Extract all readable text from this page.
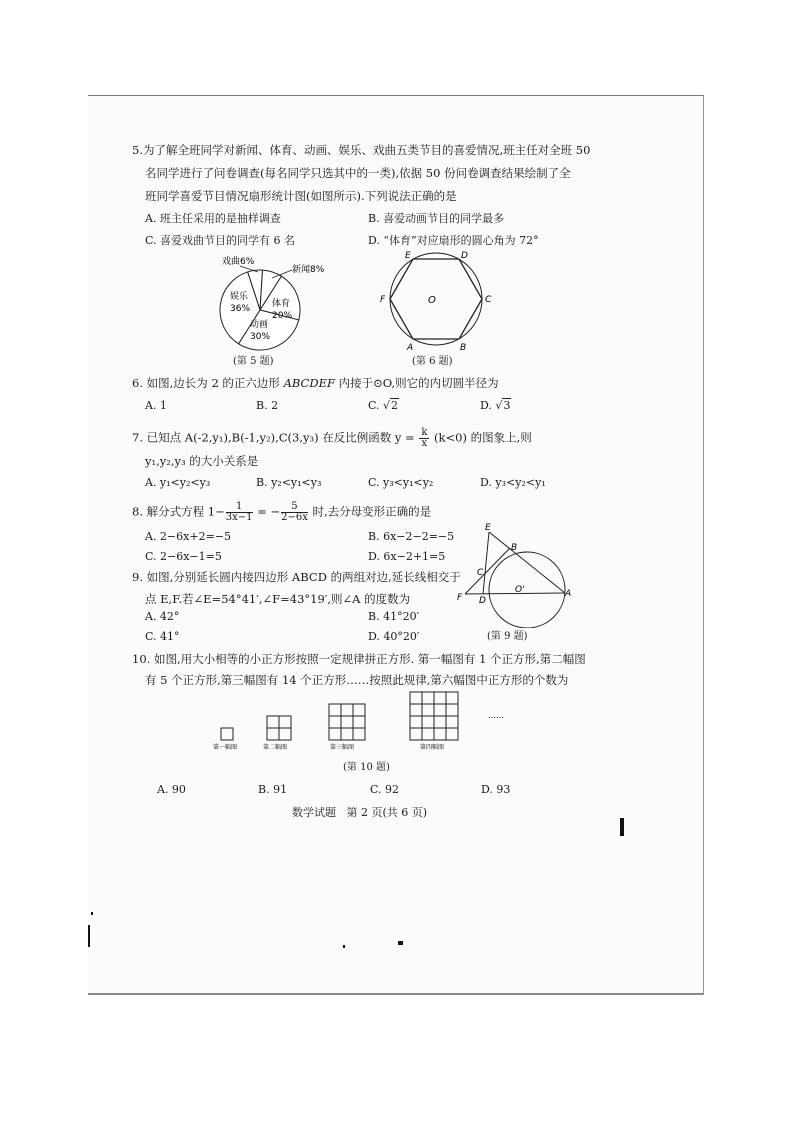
5.为了解全班同学对新闻、体育、动画、娱乐、戏曲五类节目的喜爱情况,班主任对全班 50
名同学进行了问卷调查(每名同学只选其中的一类),依据 50 份问卷调查结果绘制了全
班同学喜爱节目情况扇形统计图(如图所示).下列说法正确的是
A. 班主任采用的是抽样调查	B. 喜爱动画节目的同学最多
C. 喜爱戏曲节目的同学有 6 名	D. “体育”对应扇形的圆心角为 72°
戏曲6%
新闻8%
娱乐
36% 体育
20%
动画
30%
(第 5 题)
E	D
F	C
A	B
O
(第 6 题)
6. 如图,边长为 2 的正六边形 ABCDEF 内接于⊙O,则它的内切圆半径为
A. 1	B. 2	C. √2	D. √3
7. 已知点 A(-2,y₁),B(-1,y₂),C(3,y₃) 在反比例函数 $y = \frac{k}{x} (k<0)$ 的图象上,则
y₁,y₂,y₃ 的大小关系是
A. y₁<y₂<y₃	B. y₂<y₁<y₃	C. y₃<y₁<y₂	D. y₃<y₂<y₁
8. 解分式方程 $1- \frac{1}{3x-1}$ = − $\frac{5}{2-6x}$ 时,去分母变形正确的是
A. 2−6x+2=−5	B. 6x−2−2=−5
C. 2−6x−1=5	D. 6x−2+1=5
9. 如图,分别延长圆内接四边形 ABCD 的两组对边,延长线相交于
点 E,F.若∠E=54°41′,∠F=43°19′,则∠A 的度数为
A. 42°	B. 41°20′
C. 41°	D. 40°20′
E
B
C
O'
F D
A
(第 9 题)
10. 如图,用大小相等的小正方形按照一定规律拼正方形. 第一幅图有 1 个正方形,第二幅图
有 5 个正方形,第三幅图有 14 个正方形……按照此规律,第六幅图中正方形的个数为
第一幅图	第二幅图	第三幅图	第四幅图
……
(第 10 题)
A. 90	B. 91	C. 92	D. 93
数学试题   第 2 页(共 6 页)
